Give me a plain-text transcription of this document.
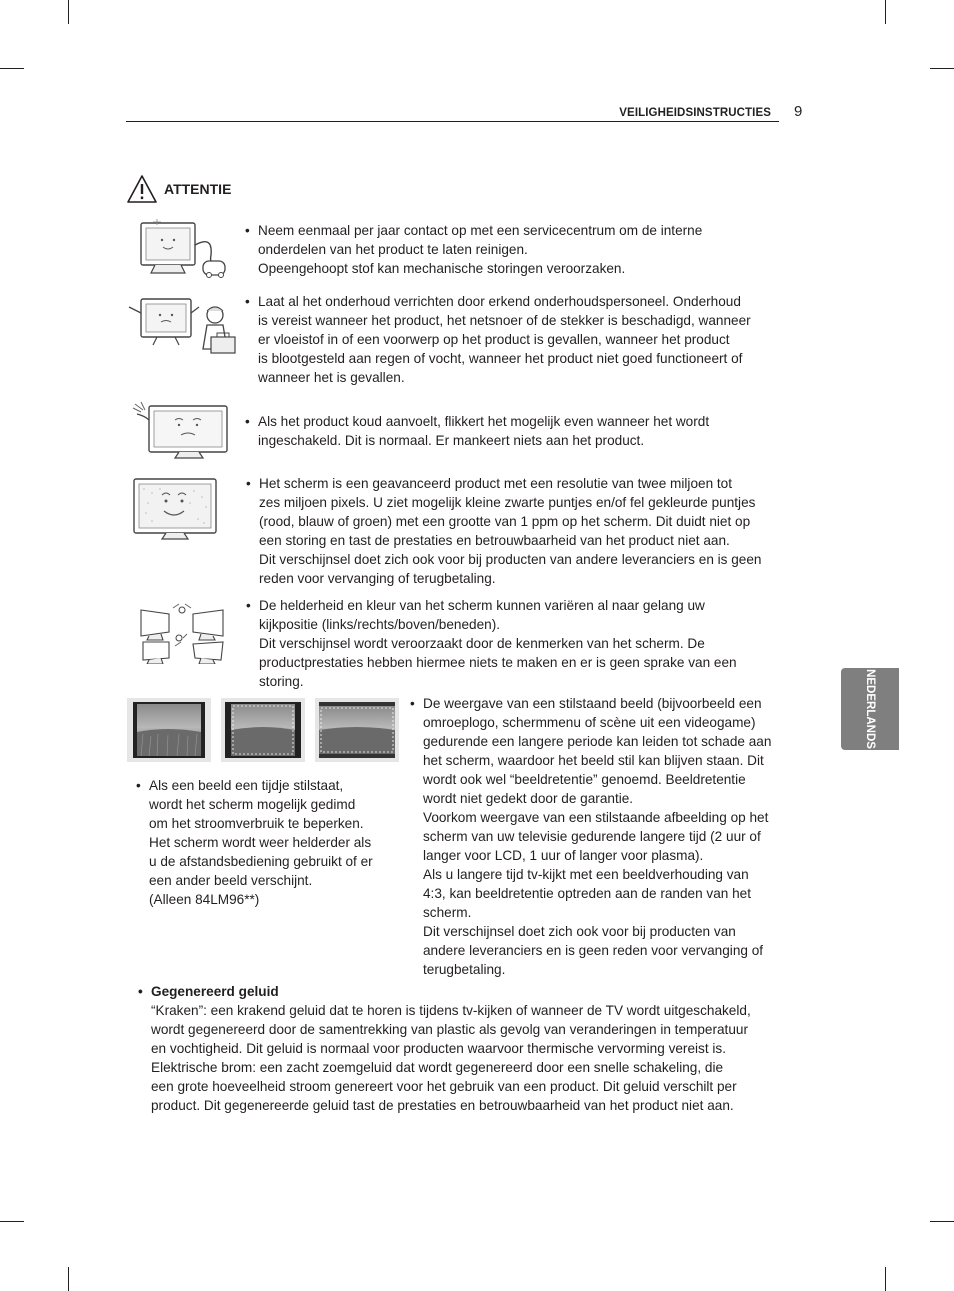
VEILIGHEIDSINSTRUCTIES 9
NEDERLANDS
ATTENTIE
• Neem eenmaal per jaar contact op met een servicecentrum om de interne
onderdelen van het product te laten reinigen.
Opeengehoopt stof kan mechanische storingen veroorzaken.
• Laat al het onderhoud verrichten door erkend onderhoudspersoneel. Onderhoud
is vereist wanneer het product, het netsnoer of de stekker is beschadigd, wanneer
er vloeistof in of een voorwerp op het product is gevallen, wanneer het product
is blootgesteld aan regen of vocht, wanneer het product niet goed functioneert of
wanneer het is gevallen.
• Als het product koud aanvoelt, flikkert het mogelijk even wanneer het wordt
ingeschakeld. Dit is normaal. Er mankeert niets aan het product.
• Het scherm is een geavanceerd product met een resolutie van twee miljoen tot
zes miljoen pixels. U ziet mogelijk kleine zwarte puntjes en/of fel gekleurde puntjes
(rood, blauw of groen) met een grootte van 1 ppm op het scherm. Dit duidt niet op
een storing en tast de prestaties en betrouwbaarheid van het product niet aan.
Dit verschijnsel doet zich ook voor bij producten van andere leveranciers en is geen
reden voor vervanging of terugbetaling.
• De helderheid en kleur van het scherm kunnen variëren al naar gelang uw
kijkpositie (links/rechts/boven/beneden).
Dit verschijnsel wordt veroorzaakt door de kenmerken van het scherm. De
productprestaties hebben hiermee niets te maken en er is geen sprake van een
storing.
• De weergave van een stilstaand beeld (bijvoorbeeld een
omroeplogo, schermmenu of scène uit een videogame)
gedurende een langere periode kan leiden tot schade aan
het scherm, waardoor het beeld stil kan blijven staan. Dit
wordt ook wel “beeldretentie” genoemd. Beeldretentie
wordt niet gedekt door de garantie.
Voorkom weergave van een stilstaande afbeelding op het
scherm van uw televisie gedurende langere tijd (2 uur of
langer voor LCD, 1 uur of langer voor plasma).
Als u langere tijd tv-kijkt met een beeldverhouding van
4:3, kan beeldretentie optreden aan de randen van het
scherm.
Dit verschijnsel doet zich ook voor bij producten van
andere leveranciers en is geen reden voor vervanging of
terugbetaling.
• Als een beeld een tijdje stilstaat,
wordt het scherm mogelijk gedimd
om het stroomverbruik te beperken.
Het scherm wordt weer helderder als
u de afstandsbediening gebruikt of er
een ander beeld verschijnt.
(Alleen 84LM96**)
• Gegenereerd geluid
“Kraken”: een krakend geluid dat te horen is tijdens tv-kijken of wanneer de TV wordt uitgeschakeld,
wordt gegenereerd door de samentrekking van plastic als gevolg van veranderingen in temperatuur
en vochtigheid. Dit geluid is normaal voor producten waarvoor thermische vervorming vereist is.
Elektrische brom: een zacht zoemgeluid dat wordt gegenereerd door een snelle schakeling, die
een grote hoeveelheid stroom genereert voor het gebruik van een product. Dit geluid verschilt per
product. Dit gegenereerde geluid tast de prestaties en betrouwbaarheid van het product niet aan.
